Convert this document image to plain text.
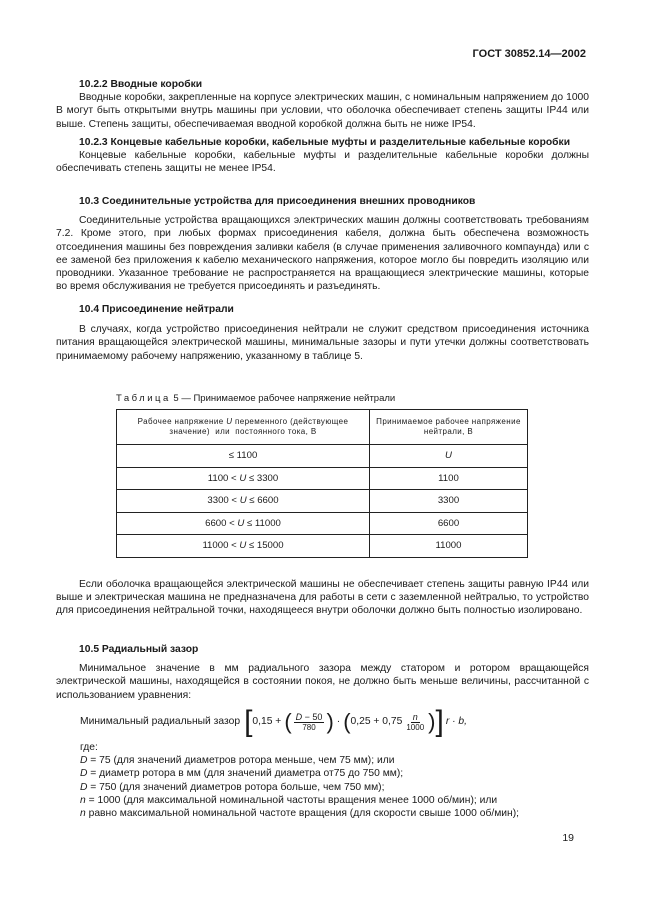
ГОСТ 30852.14—2002
10.2.2 Вводные коробки
Вводные коробки, закрепленные на корпусе электрических машин, с номинальным напряжением до 1000 В могут быть открытыми внутрь машины при условии, что оболочка обеспечивает степень защиты IP44 или выше. Степень защиты, обеспечиваемая вводной коробкой должна быть не ниже IP54.
10.2.3 Концевые кабельные коробки, кабельные муфты и разделительные кабельные коробки
Концевые кабельные коробки, кабельные муфты и разделительные кабельные коробки должны обеспечивать степень защиты не менее IP54.
10.3 Соединительные устройства для присоединения внешних проводников
Соединительные устройства вращающихся электрических машин должны соответствовать требованиям 7.2. Кроме этого, при любых формах присоединения кабеля, должна быть обеспечена возможность отсоединения машины без повреждения заливки кабеля (в случае применения заливочного компаунда) или с ее заменой без приложения к кабелю механического напряжения, которое могло бы повредить изоляцию или проводники. Указанное требование не распространяется на вращающиеся электрические машины, которые во время обслуживания не требуется присоединять и разъединять.
10.4 Присоединение нейтрали
В случаях, когда устройство присоединения нейтрали не служит средством присоединения источника питания вращающейся электрической машины, минимальные зазоры и пути утечки должны соответствовать принимаемому рабочему напряжению, указанному в таблице 5.
Таблица 5 — Принимаемое рабочее напряжение нейтрали
Рабочее напряжение U переменного (действующее значение)  или  постоянного тока, В	Принимаемое рабочее напряжение нейтрали, В
≤ 1100	U
1100 < U ≤ 3300	1100
3300 < U ≤ 6600	3300
6600 < U ≤ 11000	6600
11000 < U ≤ 15000	11000
Если оболочка вращающейся электрической машины не обеспечивает степень защиты равную IP44 или выше и электрическая машина не предназначена для работы в сети с заземленной нейтралью, то устройство для присоединения нейтральной точки, находящееся внутри оболочки должно быть полностью изолировано.
10.5 Радиальный зазор
Минимальное значение в мм радиального зазора между статором и ротором вращающейся электрической машины, находящейся в состоянии покоя, не должно быть меньше величины, рассчитанной с использованием уравнения:
Минимальный радиальный зазор [ 0,15 + ( $\frac{D - 50}{780}$ ) · ( $0,25 + 0,75 \frac{n}{1000}$ ) ] r · b,
где:
D = 75 (для значений диаметров ротора меньше, чем 75 мм); или
D = диаметр ротора в мм (для значений диаметра от75 до 750 мм);
D = 750 (для значений диаметров ротора больше, чем 750 мм);
n = 1000 (для максимальной номинальной частоты вращения менее 1000 об/мин); или
n равно максимальной номинальной частоте вращения (для скорости свыше 1000 об/мин);
19
